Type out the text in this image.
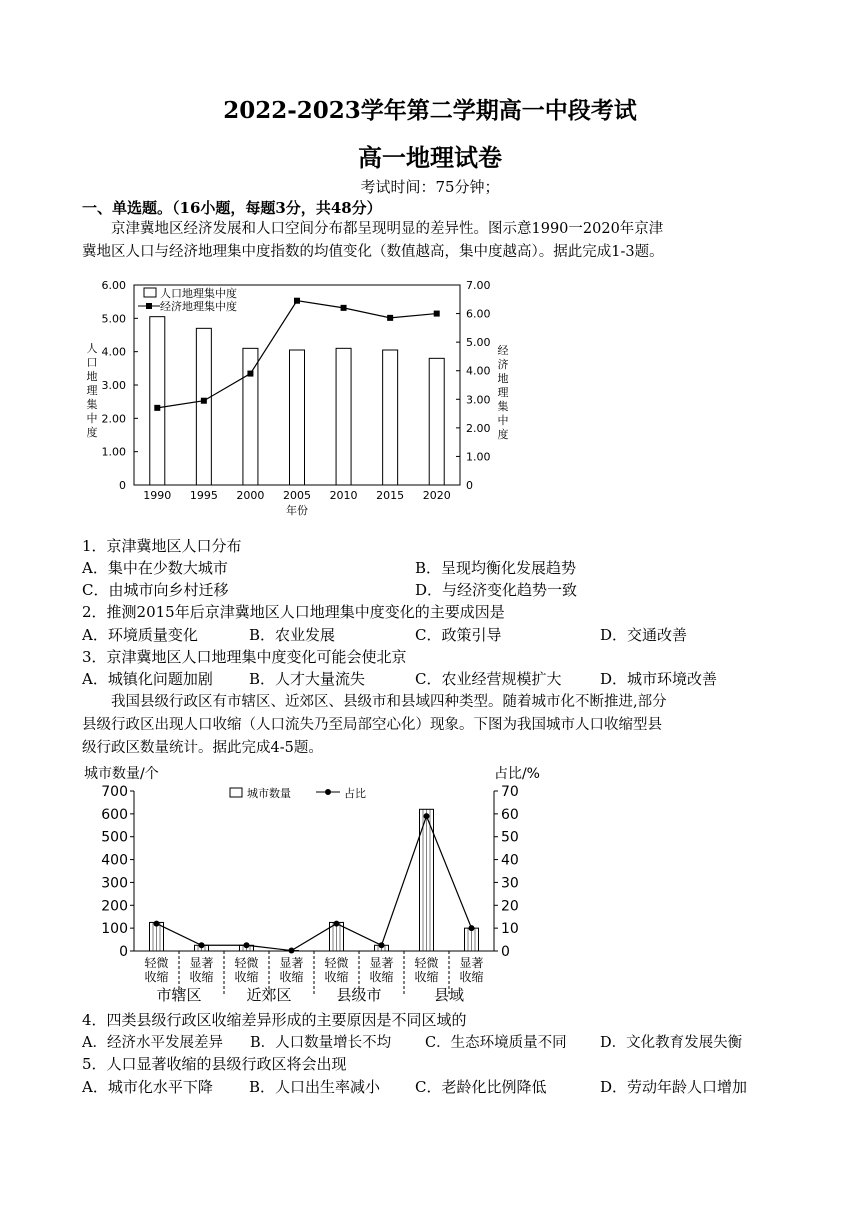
2022-2023学年第二学期高一中段考试
高一地理试卷
考试时间：75分钟；
一、单选题。（16小题，每题3分，共48分）
京津冀地区经济发展和人口空间分布都呈现明显的差异性。图示意1990一2020年京津
冀地区人口与经济地理集中度指数的均值变化（数值越高，集中度越高）。据此完成1-3题。
0
1.00
2.00
3.00
4.00
5.00
6.00
0
1.00
2.00
3.00
4.00
5.00
6.00
7.00
1990 1995 2000 2005 2010 2015 2020
年份
人
口
地
理
集
中
度
经
济
地
理
集
中
度
人口地理集中度
经济地理集中度
1．京津冀地区人口分布
A．集中在少数大城市	B．呈现均衡化发展趋势
C．由城市向乡村迁移	D．与经济变化趋势一致
2．推测2015年后京津冀地区人口地理集中度变化的主要成因是
A．环境质量变化	B．农业发展	C．政策引导	D．交通改善
3．京津冀地区人口地理集中度变化可能会使北京
A．城镇化问题加剧 B．人才大量流失	C．农业经营规模扩大	D．城市环境改善
我国县级行政区有市辖区、近郊区、县级市和县域四种类型。随着城市化不断推进,部分
县级行政区出现人口收缩（人口流失乃至局部空心化）现象。下图为我国城市人口收缩型县
级行政区数量统计。据此完成4-5题。
0
100
200
300
400
500
600
700
0
10
20
30
40
50
60
70
城市数量/个	占比/%
轻微
收缩
显著
收缩
轻微
收缩
显著
收缩
轻微
收缩
显著
收缩
轻微
收缩
显著
收缩
市辖区	近郊区	县级市	县域
城市数量	占比
4．四类县级行政区收缩差异形成的主要原因是不同区域的
A．经济水平发展差异 B．人口数量增长不均 C．生态环境质量不同 D．文化教育发展失衡
5．人口显著收缩的县级行政区将会出现
A．城市化水平下降 B．人口出生率减小 C．老龄化比例降低	D．劳动年龄人口增加
